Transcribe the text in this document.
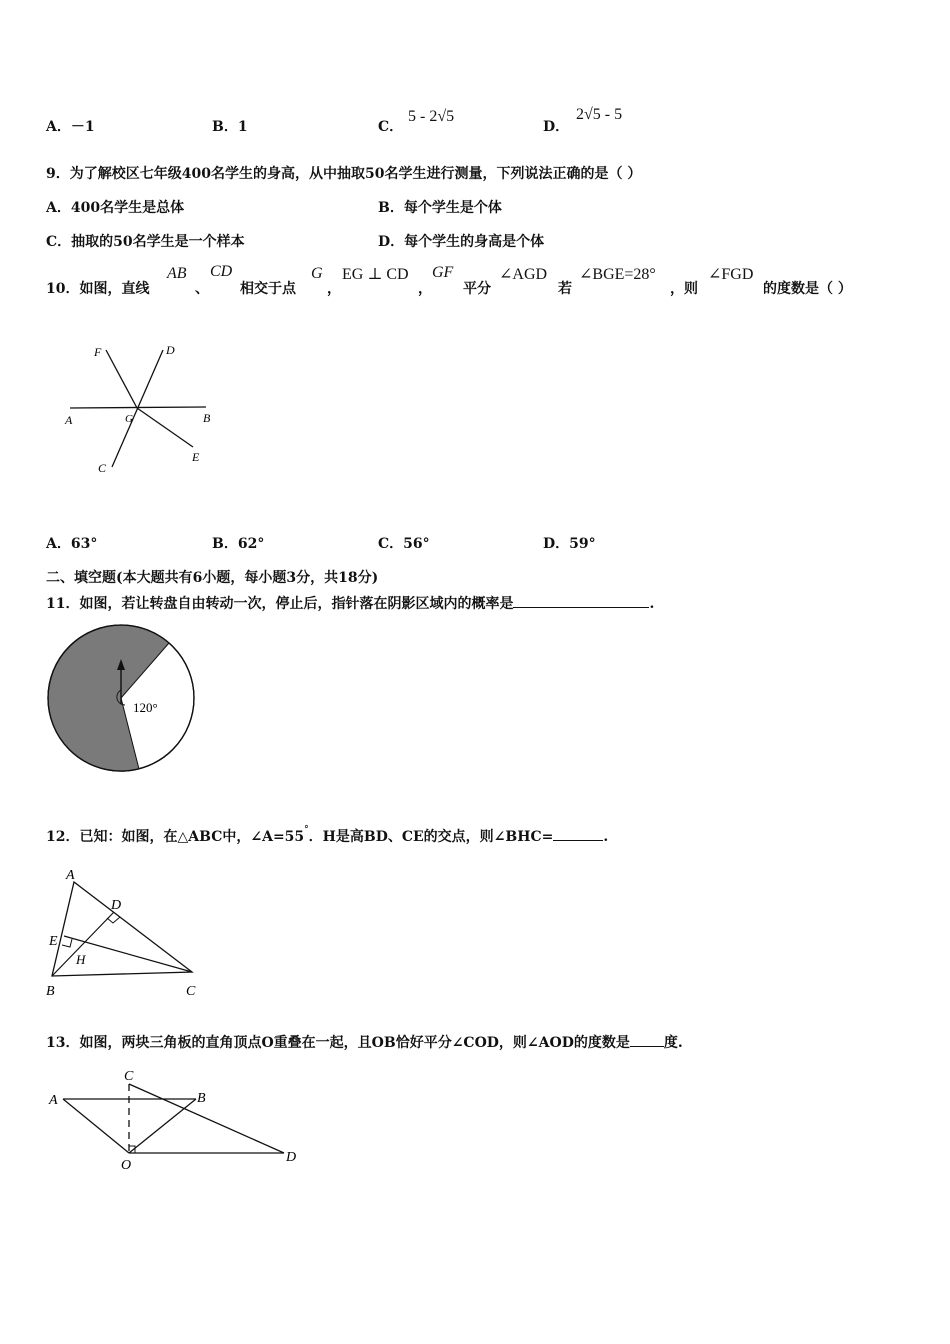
A．－1	B．1	C．
5 - 2√5
D．
2√5 - 5
9．为了解校区七年级400名学生的身高，从中抽取50名学生进行测量，下列说法正确的是（ ）
A．400名学生是总体	B．每个学生是个体
C．抽取的50名学生是一个样本	D．每个学生的身高是个体
10．如图，直线
AB
、
CD
相交于点
G
，
EG ⊥ CD
，
GF
平分
∠AGD
若
∠BGE=28°
，则
∠FGD
的度数是（ ）
F	D
A	G	B
C
E
A．63°	B．62°	C．56°	D．59°
二、填空题(本大题共有6小题，每小题3分，共18分)
11．如图，若让转盘自由转动一次，停止后，指针落在阴影区域内的概率是	.
120°
12．已知：如图，在△ABC中，∠A=55°．H是高BD、CE的交点，则∠BHC=	.
A
D
E
H
B	C
13．如图，两块三角板的直角顶点O重叠在一起，且OB恰好平分∠COD，则∠AOD的度数是 度.
C
A	B
O
D
